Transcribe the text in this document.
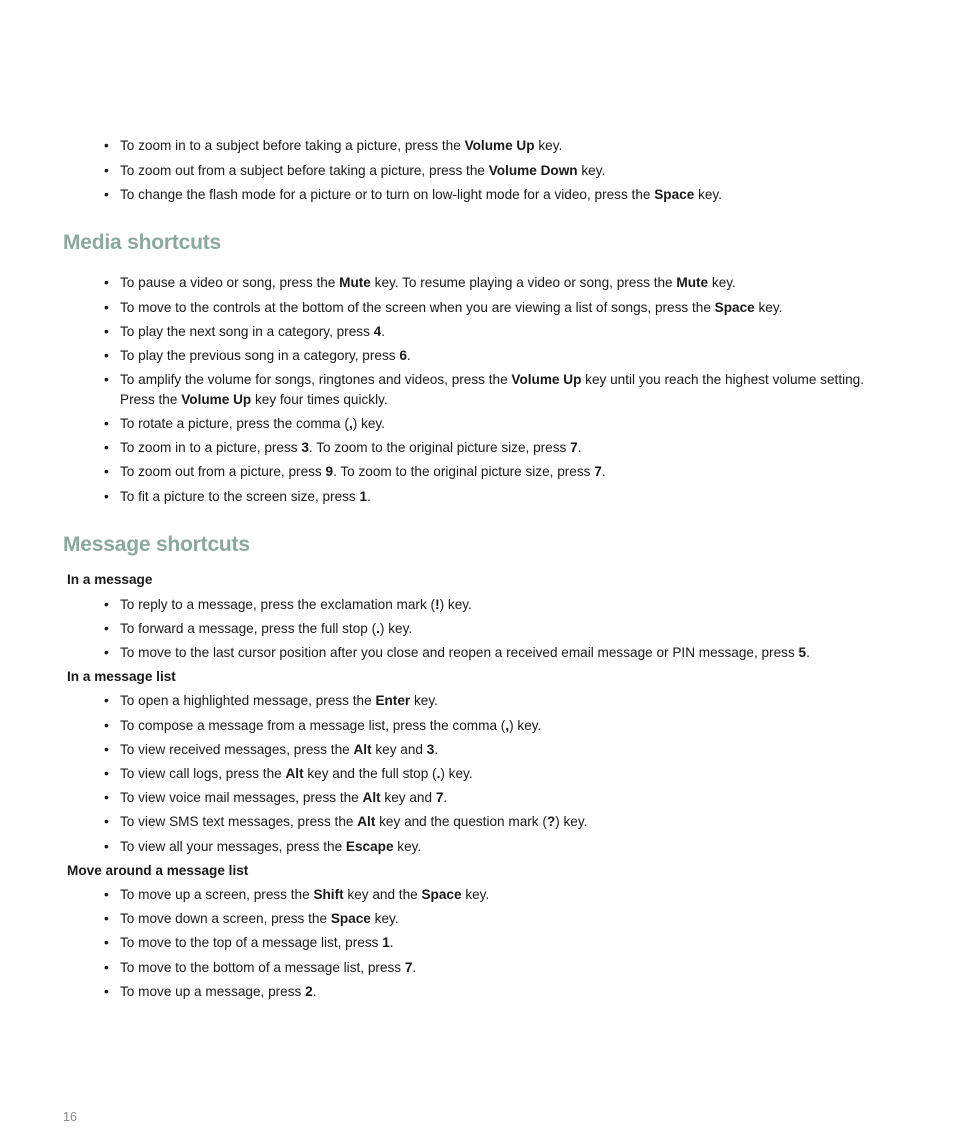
• To zoom in to a subject before taking a picture, press the Volume Up key.
• To zoom out from a subject before taking a picture, press the Volume Down key.
• To change the flash mode for a picture or to turn on low-light mode for a video, press the Space key.
Media shortcuts
• To pause a video or song, press the Mute key. To resume playing a video or song, press the Mute key.
• To move to the controls at the bottom of the screen when you are viewing a list of songs, press the Space key.
• To play the next song in a category, press 4.
• To play the previous song in a category, press 6.
• To amplify the volume for songs, ringtones and videos, press the Volume Up key until you reach the highest volume setting. Press the Volume Up key four times quickly.
• To rotate a picture, press the comma (,) key.
• To zoom in to a picture, press 3. To zoom to the original picture size, press 7.
• To zoom out from a picture, press 9. To zoom to the original picture size, press 7.
• To fit a picture to the screen size, press 1.
Message shortcuts
In a message
• To reply to a message, press the exclamation mark (!) key.
• To forward a message, press the full stop (.) key.
• To move to the last cursor position after you close and reopen a received email message or PIN message, press 5.
In a message list
• To open a highlighted message, press the Enter key.
• To compose a message from a message list, press the comma (,) key.
• To view received messages, press the Alt key and 3.
• To view call logs, press the Alt key and the full stop (.) key.
• To view voice mail messages, press the Alt key and 7.
• To view SMS text messages, press the Alt key and the question mark (?) key.
• To view all your messages, press the Escape key.
Move around a message list
• To move up a screen, press the Shift key and the Space key.
• To move down a screen, press the Space key.
• To move to the top of a message list, press 1.
• To move to the bottom of a message list, press 7.
• To move up a message, press 2.
16
